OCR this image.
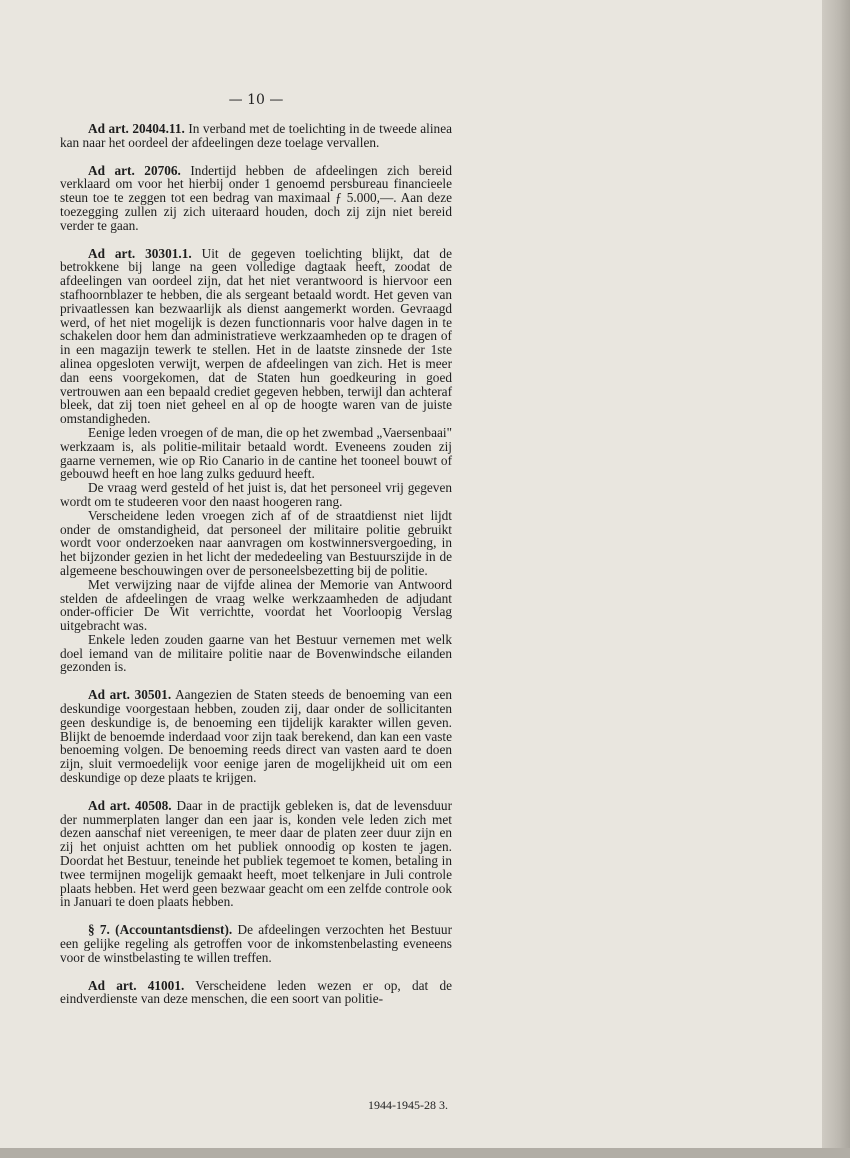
— 10 —

Ad art. 20404.11. In verband met de toelichting in de tweede alinea kan naar het oordeel der afdeelingen deze toelage vervallen.

Ad art. 20706. Indertijd hebben de afdeelingen zich bereid verklaard om voor het hierbij onder 1 genoemd persbureau financieele steun toe te zeggen tot een bedrag van maximaal ƒ 5.000,—. Aan deze toezegging zullen zij zich uiteraard houden, doch zij zijn niet bereid verder te gaan.

Ad art. 30301.1. Uit de gegeven toelichting blijkt, dat de betrokkene bij lange na geen volledige dagtaak heeft, zoodat de afdeelingen van oordeel zijn, dat het niet verantwoord is hiervoor een stafhoornblazer te hebben, die als sergeant betaald wordt. Het geven van privaatlessen kan bezwaarlijk als dienst aangemerkt worden. Gevraagd werd, of het niet mogelijk is dezen functionnaris voor halve dagen in te schakelen door hem dan administratieve werkzaamheden op te dragen of in een magazijn tewerk te stellen. Het in de laatste zinsnede der 1ste alinea opgesloten verwijt, werpen de afdeelingen van zich. Het is meer dan eens voorgekomen, dat de Staten hun goedkeuring in goed vertrouwen aan een bepaald crediet gegeven hebben, terwijl dan achteraf bleek, dat zij toen niet geheel en al op de hoogte waren van de juiste omstandigheden.

Eenige leden vroegen of de man, die op het zwembad „Vaersenbaai" werkzaam is, als politie-militair betaald wordt. Eveneens zouden zij gaarne vernemen, wie op Rio Canario in de cantine het tooneel bouwt of gebouwd heeft en hoe lang zulks geduurd heeft.

De vraag werd gesteld of het juist is, dat het personeel vrij gegeven wordt om te studeeren voor den naast hoogeren rang.

Verscheidene leden vroegen zich af of de straatdienst niet lijdt onder de omstandigheid, dat personeel der militaire politie gebruikt wordt voor onderzoeken naar aanvragen om kostwinnersvergoeding, in het bijzonder gezien in het licht der mededeeling van Bestuurszijde in de algemeene beschouwingen over de personeelsbezetting bij de politie.

Met verwijzing naar de vijfde alinea der Memorie van Antwoord stelden de afdeelingen de vraag welke werkzaamheden de adjudant onder-officier De Wit verrichtte, voordat het Voorloopig Verslag uitgebracht was.

Enkele leden zouden gaarne van het Bestuur vernemen met welk doel iemand van de militaire politie naar de Bovenwindsche eilanden gezonden is.

Ad art. 30501. Aangezien de Staten steeds de benoeming van een deskundige voorgestaan hebben, zouden zij, daar onder de sollicitanten geen deskundige is, de benoeming een tijdelijk karakter willen geven. Blijkt de benoemde inderdaad voor zijn taak berekend, dan kan een vaste benoeming volgen. De benoeming reeds direct van vasten aard te doen zijn, sluit vermoedelijk voor eenige jaren de mogelijkheid uit om een deskundige op deze plaats te krijgen.

Ad art. 40508. Daar in de practijk gebleken is, dat de levensduur der nummerplaten langer dan een jaar is, konden vele leden zich met dezen aanschaf niet vereenigen, te meer daar de platen zeer duur zijn en zij het onjuist achtten om het publiek onnoodig op kosten te jagen. Doordat het Bestuur, teneinde het publiek tegemoet te komen, betaling in twee termijnen mogelijk gemaakt heeft, moet telkenjare in Juli controle plaats hebben. Het werd geen bezwaar geacht om een zelfde controle ook in Januari te doen plaats hebben.

§ 7. (Accountantsdienst). De afdeelingen verzochten het Bestuur een gelijke regeling als getroffen voor de inkomstenbelasting eveneens voor de winstbelasting te willen treffen.

Ad art. 41001. Verscheidene leden wezen er op, dat de eindverdienste van deze menschen, die een soort van politie-

1944-1945-28 3.
